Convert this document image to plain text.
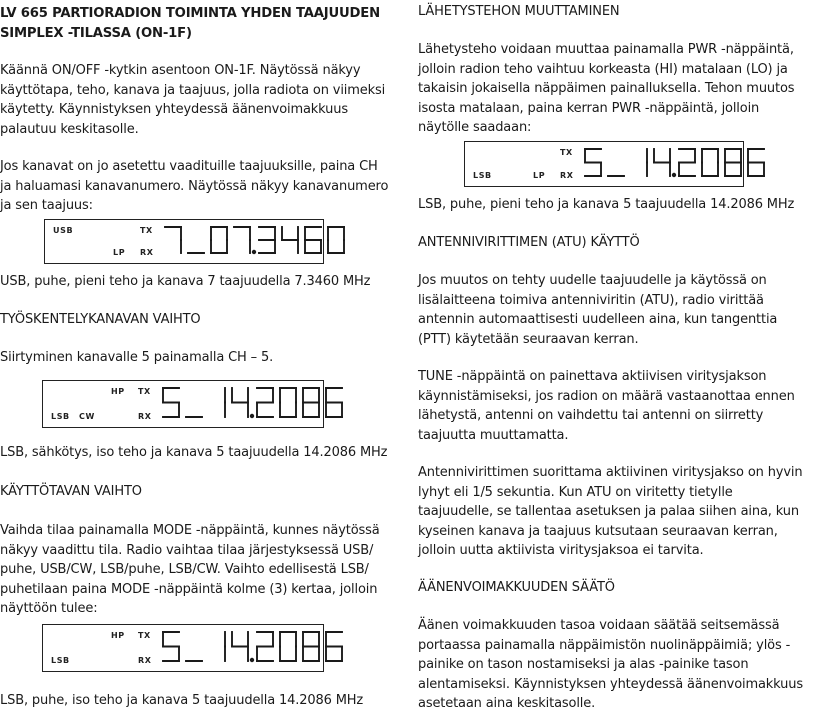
LV 665 PARTIORADION TOIMINTA YHDEN TAAJUUDEN
SIMPLEX -TILASSA (ON-1F)

Käännä ON/OFF -kytkin asentoon ON-1F. Näytössä näkyy
käyttötapa, teho, kanava ja taajuus, jolla radiota on viimeksi
käytetty. Käynnistyksen yhteydessä äänenvoimakkuus
palautuu keskitasolle.

Jos kanavat on jo asetettu vaadituille taajuuksille, paina CH
ja haluamasi kanavanumero. Näytössä näkyy kanavanumero
ja sen taajuus:

USB
LP
TX
RX

USB, puhe, pieni teho ja kanava 7 taajuudella 7.3460 MHz

TYÖSKENTELYKANAVAN VAIHTO

Siirtyminen kanavalle 5 painamalla CH – 5.

LSB CW
HP TX
RX

LSB, sähkötys, iso teho ja kanava 5 taajuudella 14.2086 MHz

KÄYTTÖTAVAN VAIHTO

Vaihda tilaa painamalla MODE -näppäintä, kunnes näytössä
näkyy vaadittu tila. Radio vaihtaa tilaa järjestyksessä USB/
puhe, USB/CW, LSB/puhe, LSB/CW. Vaihto edellisestä LSB/
puhetilaan paina MODE -näppäintä kolme (3) kertaa, jolloin
näyttöön tulee:

LSB
HP TX
RX

LSB, puhe, iso teho ja kanava 5 taajuudella 14.2086 MHz

LÄHETYSTEHON MUUTTAMINEN

Lähetysteho voidaan muuttaa painamalla PWR -näppäintä,
jolloin radion teho vaihtuu korkeasta (HI) matalaan (LO) ja
takaisin jokaisella näppäimen painalluksella. Tehon muutos
isosta matalaan, paina kerran PWR -näppäintä, jolloin
näytölle saadaan:

LSB	LP
TX
RX

LSB, puhe, pieni teho ja kanava 5 taajuudella 14.2086 MHz

ANTENNIVIRITTIMEN (ATU) KÄYTTÖ

Jos muutos on tehty uudelle taajuudelle ja käytössä on
lisälaitteena toimiva antenniviritin (ATU), radio virittää
antennin automaattisesti uudelleen aina, kun tangenttia
(PTT) käytetään seuraavan kerran.

TUNE -näppäintä on painettava aktiivisen viritysjakson
käynnistämiseksi, jos radion on määrä vastaanottaa ennen
lähetystä, antenni on vaihdettu tai antenni on siirretty
taajuutta muuttamatta.

Antennivirittimen suorittama aktiivinen viritysjakso on hyvin
lyhyt eli 1/5 sekuntia. Kun ATU on viritetty tietylle
taajuudelle, se tallentaa asetuksen ja palaa siihen aina, kun
kyseinen kanava ja taajuus kutsutaan seuraavan kerran,
jolloin uutta aktiivista viritysjaksoa ei tarvita.

ÄÄNENVOIMAKKUUDEN SÄÄTÖ

Äänen voimakkuuden tasoa voidaan säätää seitsemässä
portaassa painamalla näppäimistön nuolinäppäimiä; ylös -
painike on tason nostamiseksi ja alas -painike tason
alentamiseksi. Käynnistyksen yhteydessä äänenvoimakkuus
asetetaan aina keskitasolle.
